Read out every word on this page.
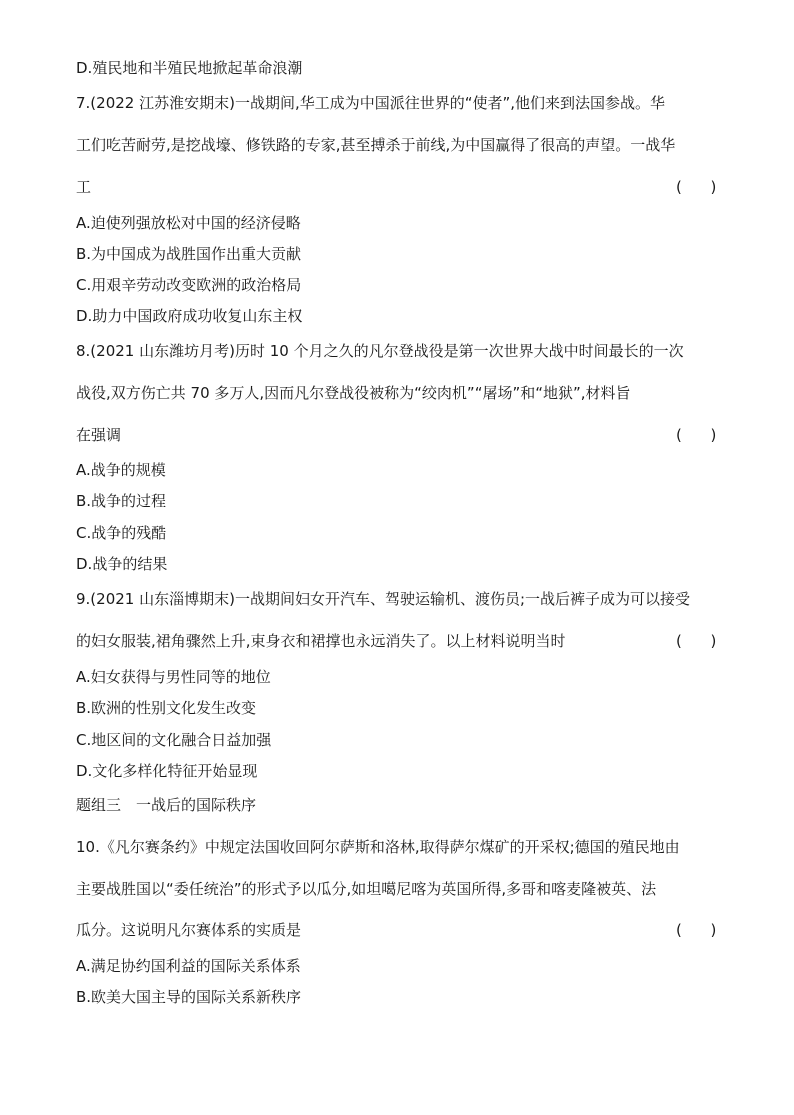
D.殖民地和半殖民地掀起革命浪潮
7.(2022 江苏淮安期末)一战期间,华工成为中国派往世界的“使者”,他们来到法国参战。华
工们吃苦耐劳,是挖战壕、修铁路的专家,甚至搏杀于前线,为中国赢得了很高的声望。一战华
工	(      )
A.迫使列强放松对中国的经济侵略
B.为中国成为战胜国作出重大贡献
C.用艰辛劳动改变欧洲的政治格局
D.助力中国政府成功收复山东主权
8.(2021 山东潍坊月考)历时 10 个月之久的凡尔登战役是第一次世界大战中时间最长的一次
战役,双方伤亡共 70 多万人,因而凡尔登战役被称为“绞肉机”“屠场”和“地狱”,材料旨
在强调	(      )
A.战争的规模
B.战争的过程
C.战争的残酷
D.战争的结果
9.(2021 山东淄博期末)一战期间妇女开汽车、驾驶运输机、渡伤员;一战后裤子成为可以接受
的妇女服装,裙角骤然上升,束身衣和裙撑也永远消失了。以上材料说明当时	(      )
A.妇女获得与男性同等的地位
B.欧洲的性别文化发生改变
C.地区间的文化融合日益加强
D.文化多样化特征开始显现
题组三　一战后的国际秩序
10.《凡尔赛条约》中规定法国收回阿尔萨斯和洛林,取得萨尔煤矿的开采权;德国的殖民地由
主要战胜国以“委任统治”的形式予以瓜分,如坦噶尼喀为英国所得,多哥和喀麦隆被英、法
瓜分。这说明凡尔赛体系的实质是	(      )
A.满足协约国利益的国际关系体系
B.欧美大国主导的国际关系新秩序
